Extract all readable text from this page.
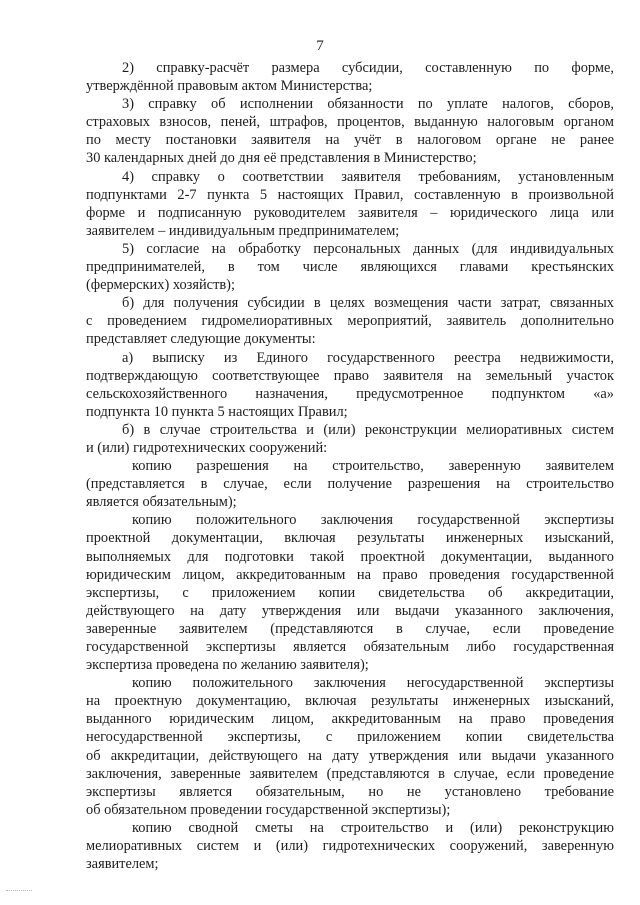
7
2) справку-расчёт размера субсидии, составленную по форме,
утверждённой правовым актом Министерства;
3) справку об исполнении обязанности по уплате налогов, сборов,
страховых взносов, пеней, штрафов, процентов, выданную налоговым органом
по месту постановки заявителя на учёт в налоговом органе не ранее
30 календарных дней до дня её представления в Министерство;
4) справку о соответствии заявителя требованиям, установленным
подпунктами 2-7 пункта 5 настоящих Правил, составленную в произвольной
форме и подписанную руководителем заявителя – юридического лица или
заявителем – индивидуальным предпринимателем;
5) согласие на обработку персональных данных (для индивидуальных
предпринимателей, в том числе являющихся главами крестьянских
(фермерских) хозяйств);
б) для получения субсидии в целях возмещения части затрат, связанных
с проведением гидромелиоративных мероприятий, заявитель дополнительно
представляет следующие документы:
а) выписку из Единого государственного реестра недвижимости,
подтверждающую соответствующее право заявителя на земельный участок
сельскохозяйственного назначения, предусмотренное подпунктом «а»
подпункта 10 пункта 5 настоящих Правил;
б) в случае строительства и (или) реконструкции мелиоративных систем
и (или) гидротехнических сооружений:
копию разрешения на строительство, заверенную заявителем
(представляется в случае, если получение разрешения на строительство
является обязательным);
копию положительного заключения государственной экспертизы
проектной документации, включая результаты инженерных изысканий,
выполняемых для подготовки такой проектной документации, выданного
юридическим лицом, аккредитованным на право проведения государственной
экспертизы, с приложением копии свидетельства об аккредитации,
действующего на дату утверждения или выдачи указанного заключения,
заверенные заявителем (представляются в случае, если проведение
государственной экспертизы является обязательным либо государственная
экспертиза проведена по желанию заявителя);
копию положительного заключения негосударственной экспертизы
на проектную документацию, включая результаты инженерных изысканий,
выданного юридическим лицом, аккредитованным на право проведения
негосударственной экспертизы, с приложением копии свидетельства
об аккредитации, действующего на дату утверждения или выдачи указанного
заключения, заверенные заявителем (представляются в случае, если проведение
экспертизы является обязательным, но не установлено требование
об обязательном проведении государственной экспертизы);
копию сводной сметы на строительство и (или) реконструкцию
мелиоративных систем и (или) гидротехнических сооружений, заверенную
заявителем;
